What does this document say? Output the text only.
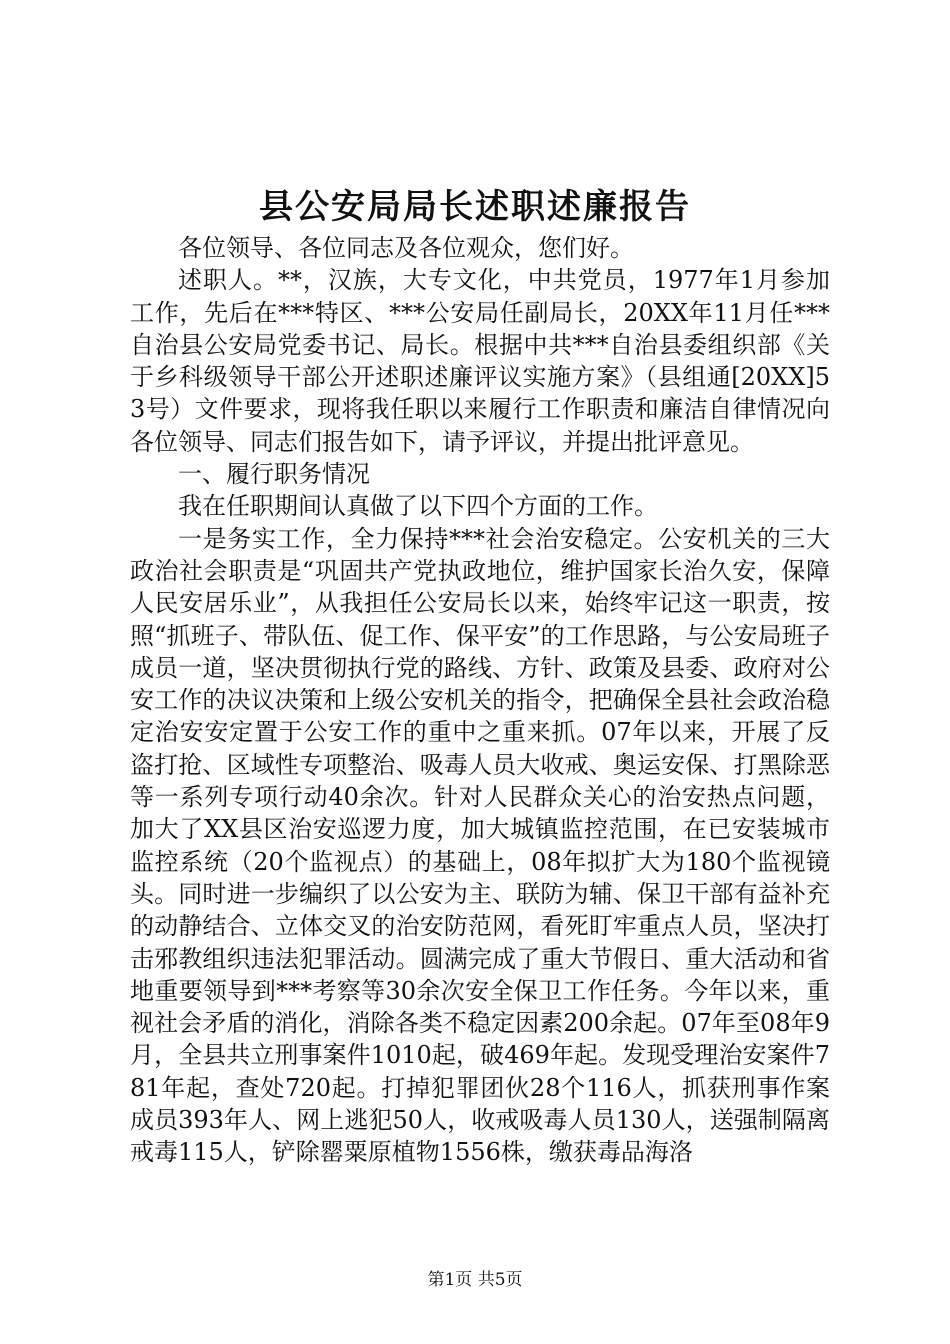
县公安局局长述职述廉报告

各位领导、各位同志及各位观众，您们好。

述职人。**，汉族，大专文化，中共党员，1977年1月参加工作，先后在***特区、***公安局任副局长，20XX年11月任***自治县公安局党委书记、局长。根据中共***自治县委组织部《关于乡科级领导干部公开述职述廉评议实施方案》（县组通[20XX]53号）文件要求，现将我任职以来履行工作职责和廉洁自律情况向各位领导、同志们报告如下，请予评议，并提出批评意见。

一、履行职务情况

我在任职期间认真做了以下四个方面的工作。

一是务实工作，全力保持***社会治安稳定。公安机关的三大政治社会职责是“巩固共产党执政地位，维护国家长治久安，保障人民安居乐业”，从我担任公安局长以来，始终牢记这一职责，按照“抓班子、带队伍、促工作、保平安”的工作思路，与公安局班子成员一道，坚决贯彻执行党的路线、方针、政策及县委、政府对公安工作的决议决策和上级公安机关的指令，把确保全县社会政治稳定治安安定置于公安工作的重中之重来抓。07年以来，开展了反盗打抢、区域性专项整治、吸毒人员大收戒、奥运安保、打黑除恶等一系列专项行动40余次。针对人民群众关心的治安热点问题，加大了XX县区治安巡逻力度，加大城镇监控范围，在已安装城市监控系统（20个监视点）的基础上，08年拟扩大为180个监视镜头。同时进一步编织了以公安为主、联防为辅、保卫干部有益补充的动静结合、立体交叉的治安防范网，看死盯牢重点人员，坚决打击邪教组织违法犯罪活动。圆满完成了重大节假日、重大活动和省地重要领导到***考察等30余次安全保卫工作任务。今年以来，重视社会矛盾的消化，消除各类不稳定因素200余起。07年至08年9月，全县共立刑事案件1010起，破469年起。发现受理治安案件781年起，查处720起。打掉犯罪团伙28个116人，抓获刑事作案成员393年人、网上逃犯50人，收戒吸毒人员130人，送强制隔离戒毒115人，铲除罂粟原植物1556株，缴获毒品海洛

第1页 共5页
